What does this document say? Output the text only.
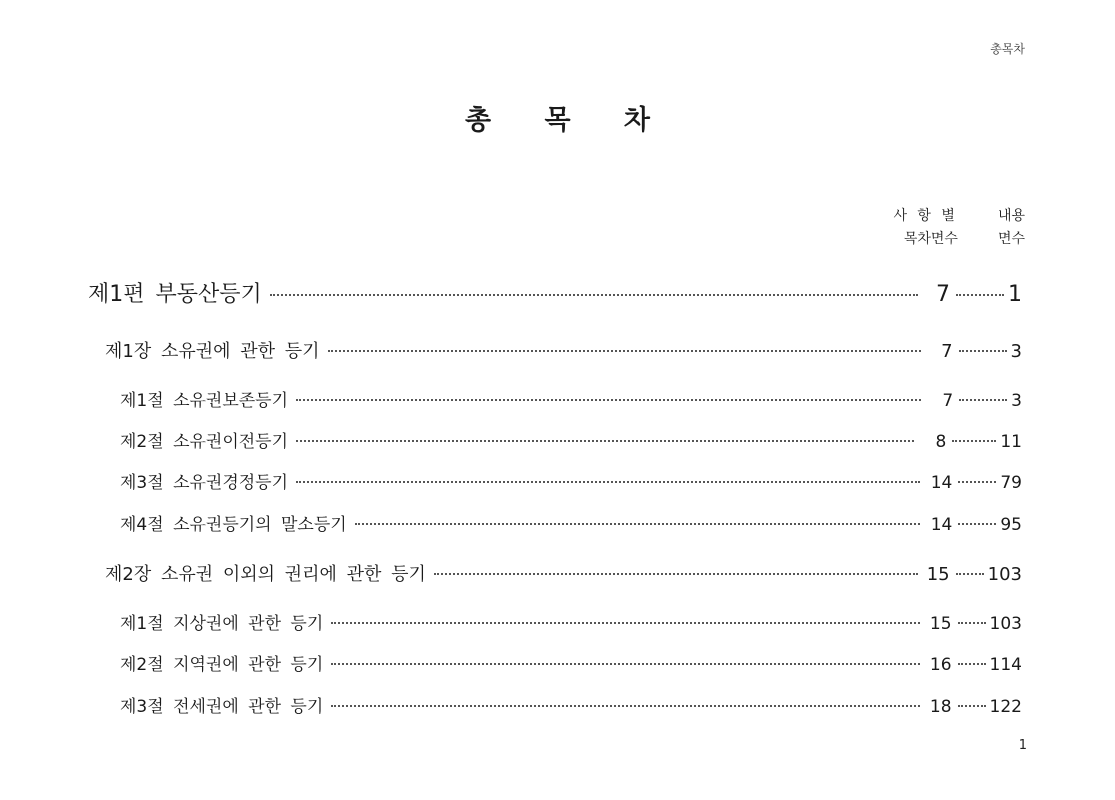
총목차
총 목 차
사 항 별
목차면수
내용
면수
제1편 부동산등기	7	1
제1장 소유권에 관한 등기	7	3
제1절 소유권보존등기	7	3
제2절 소유권이전등기	8	11
제3절 소유권경정등기	14	79
제4절 소유권등기의 말소등기	14	95
제2장 소유권 이외의 권리에 관한 등기	15 103
제1절 지상권에 관한 등기	15 103
제2절 지역권에 관한 등기	16 114
제3절 전세권에 관한 등기	18 122
1
